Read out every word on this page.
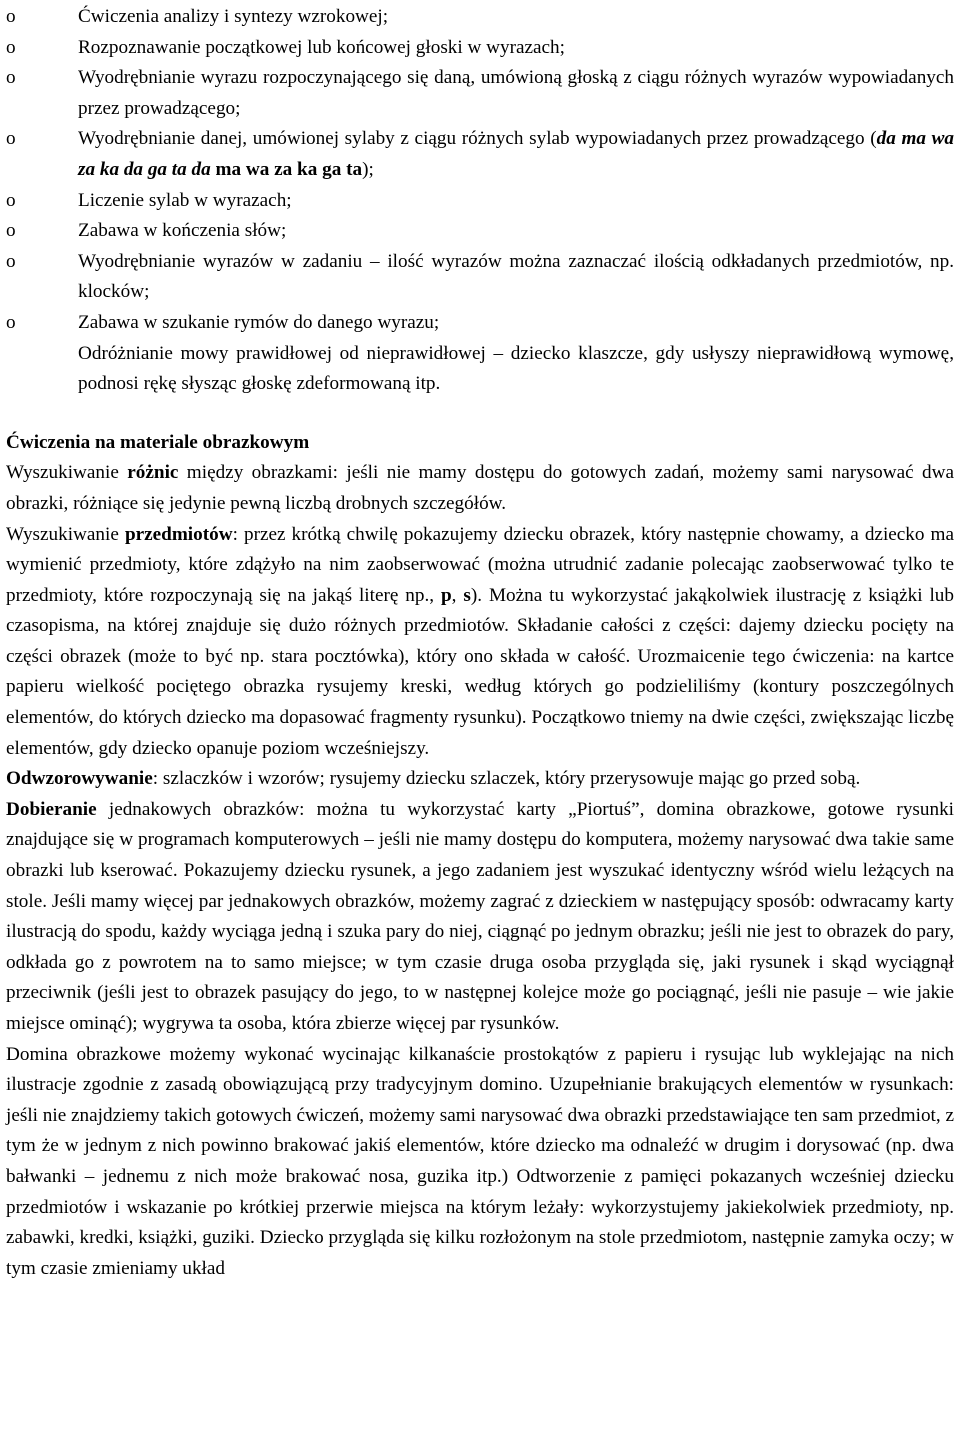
o	Ćwiczenia analizy i syntezy wzrokowej;
o	Rozpoznawanie początkowej lub końcowej głoski w wyrazach;
o	Wyodrębnianie wyrazu rozpoczynającego się daną, umówioną głoską z ciągu różnych wyrazów wypowiadanych przez prowadzącego;
o	Wyodrębnianie danej, umówionej sylaby z ciągu różnych sylab wypowiadanych przez prowadzącego (da ma wa za ka da ga ta da ma wa za ka ga ta);
o	Liczenie sylab w wyrazach;
o	Zabawa w kończenia słów;
o	Wyodrębnianie wyrazów w zadaniu – ilość wyrazów można zaznaczać ilością odkładanych przedmiotów, np. klocków;
o	Zabawa w szukanie rymów do danego wyrazu;
Odróżnianie mowy prawidłowej od nieprawidłowej – dziecko klaszcze, gdy usłyszy nieprawidłową wymowę, podnosi rękę słysząc głoskę zdeformowaną itp.

Ćwiczenia na materiale obrazkowym

Wyszukiwanie różnic między obrazkami: jeśli nie mamy dostępu do gotowych zadań, możemy sami narysować dwa obrazki, różniące się jedynie pewną liczbą drobnych szczegółów.

Wyszukiwanie przedmiotów: przez krótką chwilę pokazujemy dziecku obrazek, który następnie chowamy, a dziecko ma wymienić przedmioty, które zdążyło na nim zaobserwować (można utrudnić zadanie polecając zaobserwować tylko te przedmioty, które rozpoczynają się na jakąś literę np., p, s). Można tu wykorzystać jakąkolwiek ilustrację z książki lub czasopisma, na której znajduje się dużo różnych przedmiotów. Składanie całości z części: dajemy dziecku pocięty na części obrazek (może to być np. stara pocztówka), który ono składa w całość. Urozmaicenie tego ćwiczenia: na kartce papieru wielkość pociętego obrazka rysujemy kreski, według których go podzieliliśmy (kontury poszczególnych elementów, do których dziecko ma dopasować fragmenty rysunku). Początkowo tniemy na dwie części, zwiększając liczbę elementów, gdy dziecko opanuje poziom wcześniejszy.

Odwzorowywanie: szlaczków i wzorów; rysujemy dziecku szlaczek, który przerysowuje mając go przed sobą.

Dobieranie jednakowych obrazków: można tu wykorzystać karty „Piortuś”, domina obrazkowe, gotowe rysunki znajdujące się w programach komputerowych – jeśli nie mamy dostępu do komputera, możemy narysować dwa takie same obrazki lub kserować. Pokazujemy dziecku rysunek, a jego zadaniem jest wyszukać identyczny wśród wielu leżących na stole. Jeśli mamy więcej par jednakowych obrazków, możemy zagrać z dzieckiem w następujący sposób: odwracamy karty ilustracją do spodu, każdy wyciąga jedną i szuka pary do niej, ciągnąć po jednym obrazku; jeśli nie jest to obrazek do pary, odkłada go z powrotem na to samo miejsce; w tym czasie druga osoba przygląda się, jaki rysunek i skąd wyciągnął przeciwnik (jeśli jest to obrazek pasujący do jego, to w następnej kolejce może go pociągnąć, jeśli nie pasuje – wie jakie miejsce ominąć); wygrywa ta osoba, która zbierze więcej par rysunków.

Domina obrazkowe możemy wykonać wycinając kilkanaście prostokątów z papieru i rysując lub wyklejając na nich ilustracje zgodnie z zasadą obowiązującą przy tradycyjnym domino. Uzupełnianie brakujących elementów w rysunkach: jeśli nie znajdziemy takich gotowych ćwiczeń, możemy sami narysować dwa obrazki przedstawiające ten sam przedmiot, z tym że w jednym z nich powinno brakować jakiś elementów, które dziecko ma odnaleźć w drugim i dorysować (np. dwa bałwanki – jednemu z nich może brakować nosa, guzika itp.) Odtworzenie z pamięci pokazanych wcześniej dziecku przedmiotów i wskazanie po krótkiej przerwie miejsca na którym leżały: wykorzystujemy jakiekolwiek przedmioty, np. zabawki, kredki, książki, guziki. Dziecko przygląda się kilku rozłożonym na stole przedmiotom, następnie zamyka oczy; w tym czasie zmieniamy układ
